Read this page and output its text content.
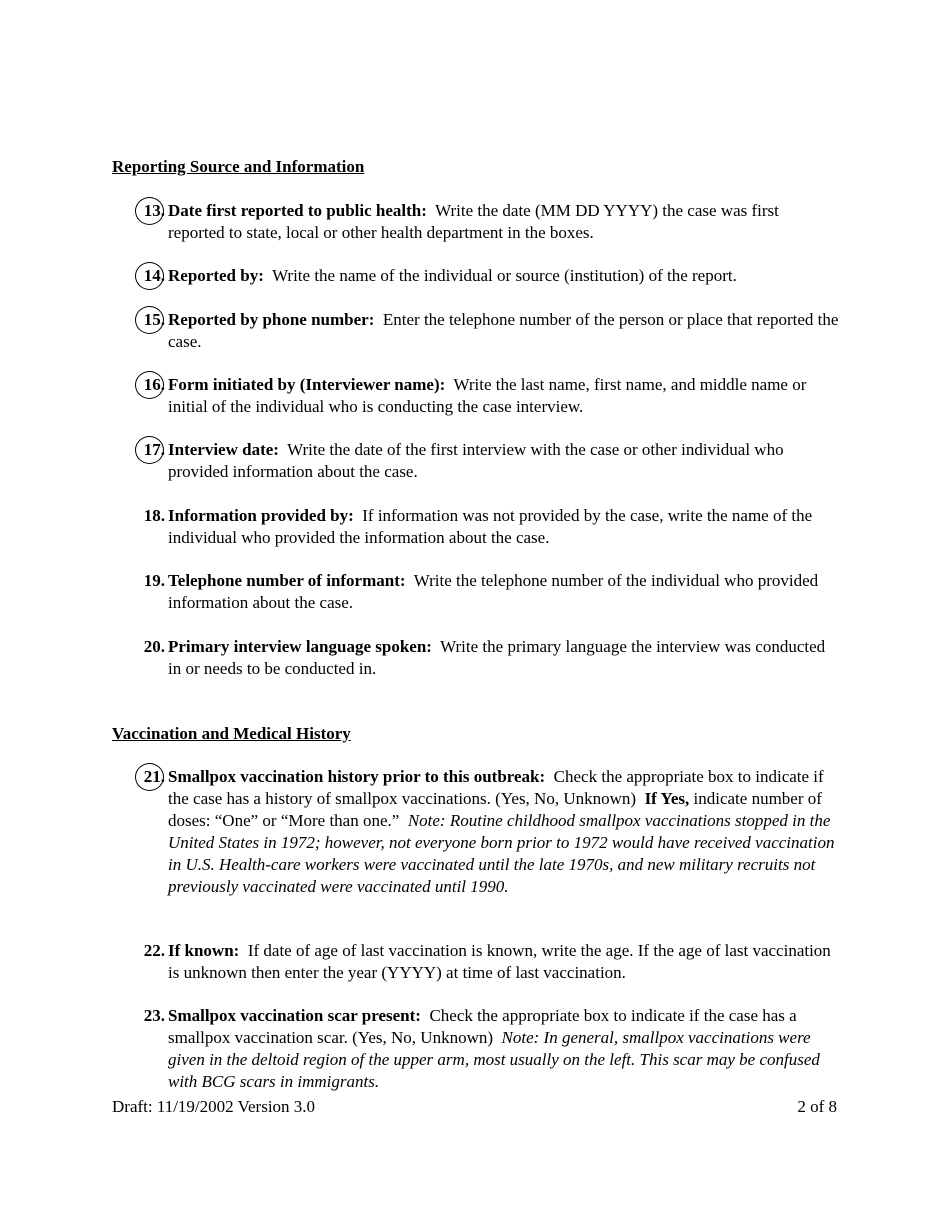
Reporting Source and Information
13. Date first reported to public health: Write the date (MM DD YYYY) the case was first reported to state, local or other health department in the boxes.
14. Reported by: Write the name of the individual or source (institution) of the report.
15. Reported by phone number: Enter the telephone number of the person or place that reported the case.
16. Form initiated by (Interviewer name): Write the last name, first name, and middle name or initial of the individual who is conducting the case interview.
17. Interview date: Write the date of the first interview with the case or other individual who provided information about the case.
18. Information provided by: If information was not provided by the case, write the name of the individual who provided the information about the case.
19. Telephone number of informant: Write the telephone number of the individual who provided information about the case.
20. Primary interview language spoken: Write the primary language the interview was conducted in or needs to be conducted in.
Vaccination and Medical History
21. Smallpox vaccination history prior to this outbreak: Check the appropriate box to indicate if the case has a history of smallpox vaccinations. (Yes, No, Unknown) If Yes, indicate number of doses: “One” or “More than one.” Note: Routine childhood smallpox vaccinations stopped in the United States in 1972; however, not everyone born prior to 1972 would have received vaccination in U.S. Health-care workers were vaccinated until the late 1970s, and new military recruits not previously vaccinated were vaccinated until 1990.
22. If known: If date of age of last vaccination is known, write the age. If the age of last vaccination is unknown then enter the year (YYYY) at time of last vaccination.
23. Smallpox vaccination scar present: Check the appropriate box to indicate if the case has a smallpox vaccination scar. (Yes, No, Unknown) Note: In general, smallpox vaccinations were given in the deltoid region of the upper arm, most usually on the left. This scar may be confused with BCG scars in immigrants.
Draft: 11/19/2002 Version 3.0	2 of 8
